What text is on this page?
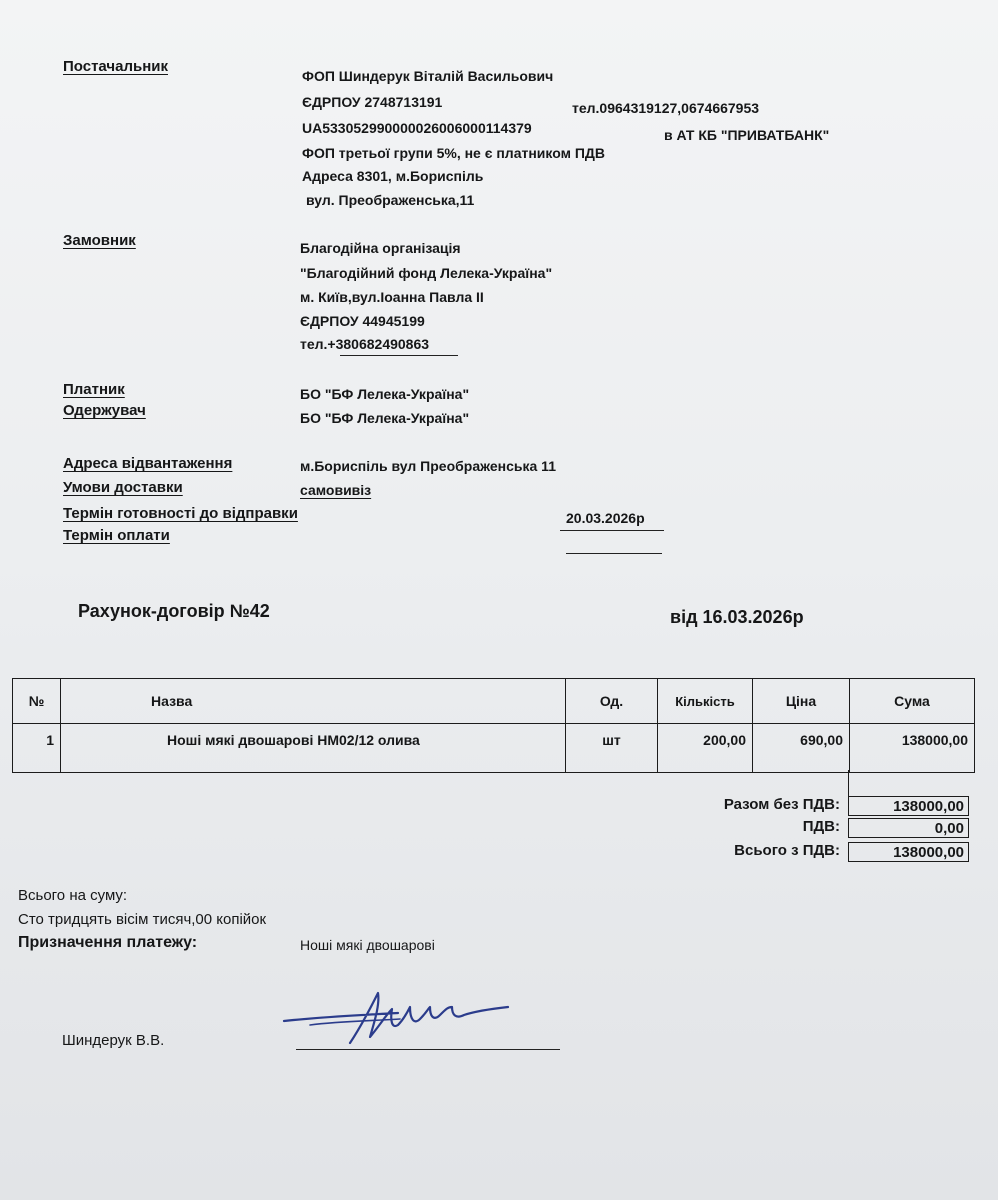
Постачальник
ФОП Шиндерук Віталій Васильович
ЄДРПОУ 2748713191	тел.0964319127,0674667953
UA533052990000026006000114379	в АТ КБ "ПРИВАТБАНК"
ФОП третьої групи 5%, не є платником ПДВ
Адреса 8301, м.Бориспіль
вул. Преображенська,11
Замовник	Благодійна організація
"Благодійний фонд Лелека-Україна"
м. Київ,вул.Іоанна Павла ІІ
ЄДРПОУ 44945199
тел.+380682490863
Платник	БО "БФ Лелека-Україна"
Одержувач	БО "БФ Лелека-Україна"
Адреса відвантаження	м.Бориспіль вул Преображенська 11
Умови доставки	самовивіз
Термін готовності до відправки	20.03.2026р
Термін оплати
Рахунок-договір №42	від 16.03.2026р
№	Назва	Од.	Кількість	Ціна	Сума
1	Ноші мякі двошарові НМ02/12 олива	шт	200,00	690,00	138000,00
Разом без ПДВ:	138000,00
ПДВ:	0,00
Всього з ПДВ:	138000,00
Всього на суму:
Сто тридцять вісім тисяч,00 копійок
Призначення платежу:	Ноші мякі двошарові
Шиндерук В.В.
